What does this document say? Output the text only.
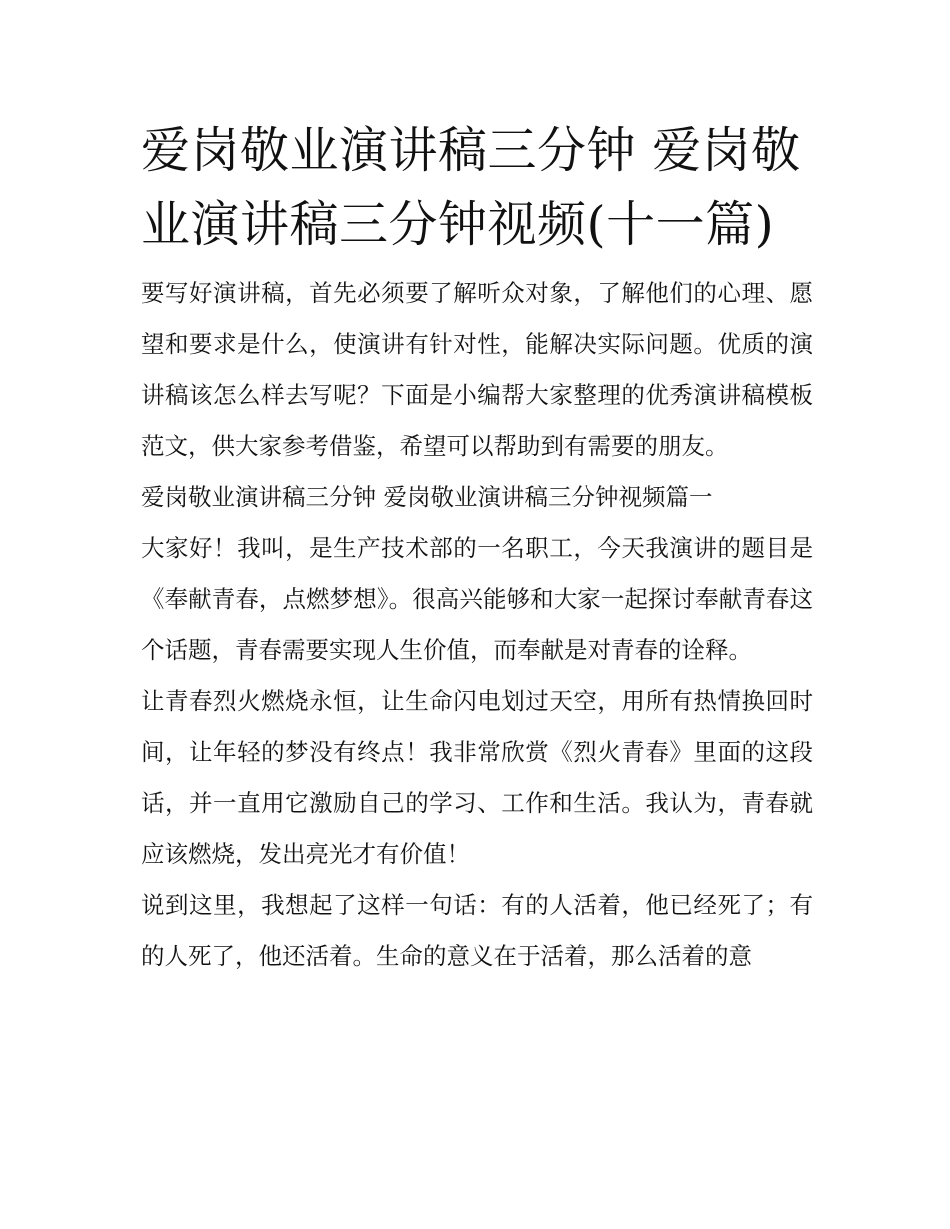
爱岗敬业演讲稿三分钟 爱岗敬业演讲稿三分钟视频(十一篇)

要写好演讲稿，首先必须要了解听众对象，了解他们的心理、愿望和要求是什么，使演讲有针对性，能解决实际问题。优质的演讲稿该怎么样去写呢？下面是小编帮大家整理的优秀演讲稿模板范文，供大家参考借鉴，希望可以帮助到有需要的朋友。

爱岗敬业演讲稿三分钟 爱岗敬业演讲稿三分钟视频篇一

大家好！我叫，是生产技术部的一名职工，今天我演讲的题目是《奉献青春，点燃梦想》。很高兴能够和大家一起探讨奉献青春这个话题，青春需要实现人生价值，而奉献是对青春的诠释。

让青春烈火燃烧永恒，让生命闪电划过天空，用所有热情换回时间，让年轻的梦没有终点！我非常欣赏《烈火青春》里面的这段话，并一直用它激励自己的学习、工作和生活。我认为，青春就应该燃烧，发出亮光才有价值！

说到这里，我想起了这样一句话：有的人活着，他已经死了；有的人死了，他还活着。生命的意义在于活着，那么活着的意
